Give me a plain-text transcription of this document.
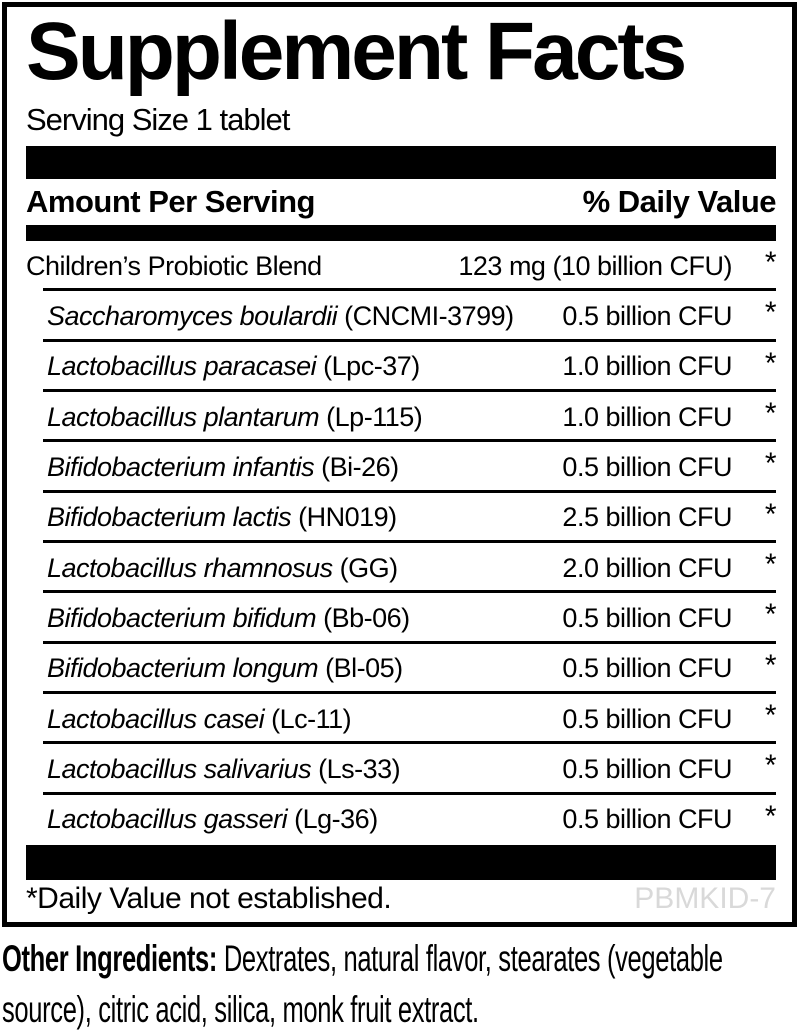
Supplement Facts
Serving Size 1 tablet
Amount Per Serving	% Daily Value
Children’s Probiotic Blend	123 mg (10 billion CFU)	*
Saccharomyces boulardii (CNCMI-3799)	0.5 billion CFU	*
Lactobacillus paracasei (Lpc-37)	1.0 billion CFU	*
Lactobacillus plantarum (Lp-115)	1.0 billion CFU	*
Bifidobacterium infantis (Bi-26)	0.5 billion CFU	*
Bifidobacterium lactis (HN019)	2.5 billion CFU	*
Lactobacillus rhamnosus (GG)	2.0 billion CFU	*
Bifidobacterium bifidum (Bb-06)	0.5 billion CFU	*
Bifidobacterium longum (Bl-05)	0.5 billion CFU	*
Lactobacillus casei (Lc-11)	0.5 billion CFU	*
Lactobacillus salivarius (Ls-33)	0.5 billion CFU	*
Lactobacillus gasseri (Lg-36)	0.5 billion CFU	*
*Daily Value not established.	PBMKID-7

Other Ingredients: Dextrates, natural flavor, stearates (vegetable source), citric acid, silica, monk fruit extract.
